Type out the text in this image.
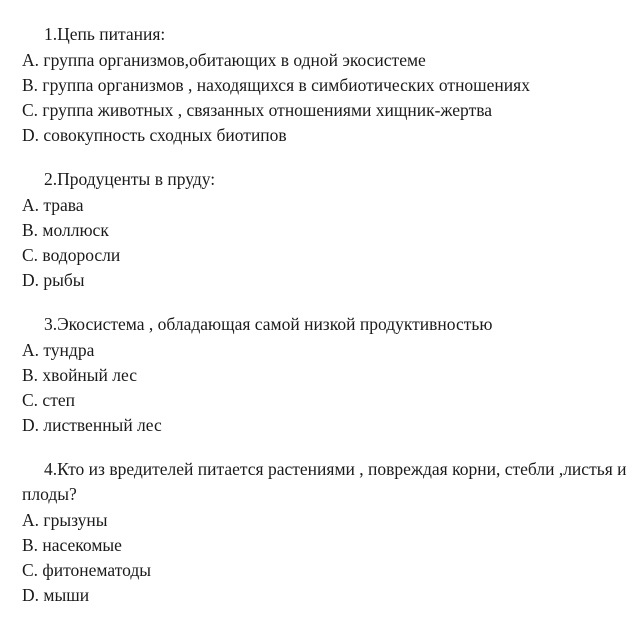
1.Цепь питания:

A. группа организмов,обитающих в одной экосистеме

B. группа организмов , находящихся в симбиотических отношениях

C. группа животных , связанных отношениями хищник-жертва

D. совокупность сходных биотипов

2.Продуценты в пруду:

A. трава

B. моллюск

C. водоросли

D. рыбы

3.Экосистема , обладающая самой низкой продуктивностью

A. тундра

B. хвойный лес

C. степ

D. лиственный лес

4.Кто из вредителей питается растениями , повреждая корни, стебли ,листья и плоды?

A. грызуны

B. насекомые

C. фитонематоды

D. мыши
